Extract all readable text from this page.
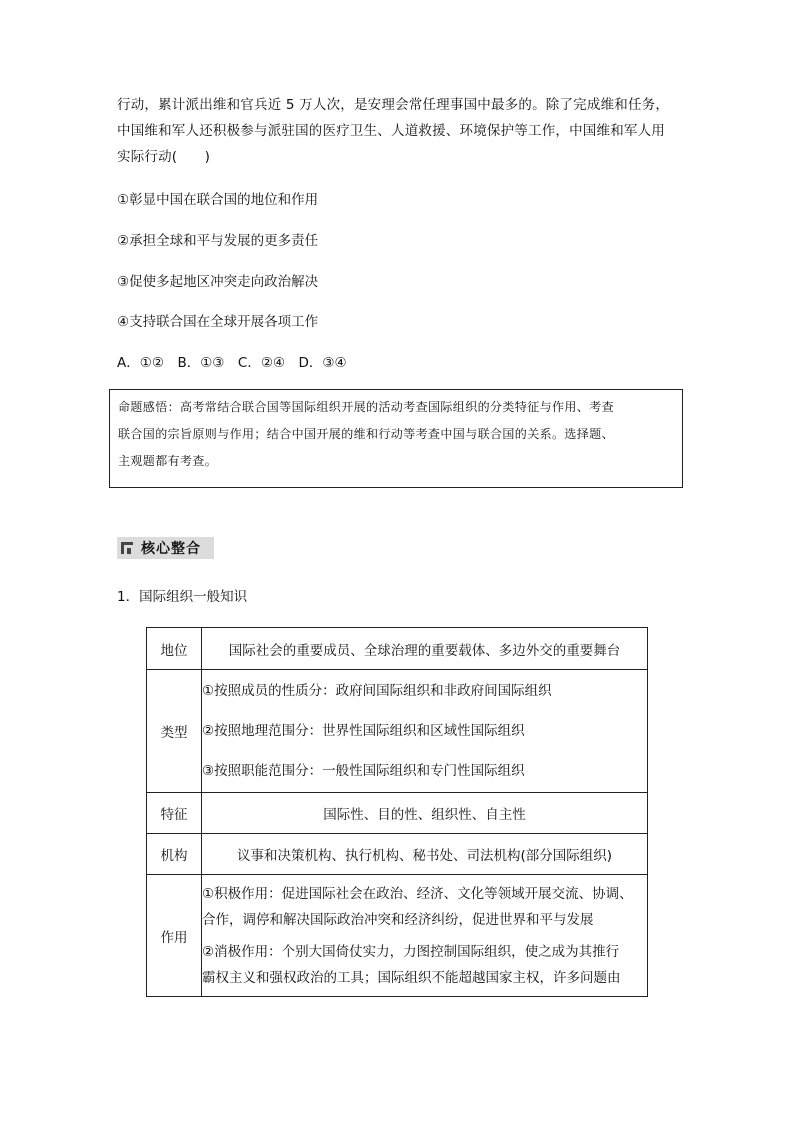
行动，累计派出维和官兵近 5 万人次，是安理会常任理事国中最多的。除了完成维和任务，
中国维和军人还积极参与派驻国的医疗卫生、人道救援、环境保护等工作，中国维和军人用
实际行动(　　)
①彰显中国在联合国的地位和作用
②承担全球和平与发展的更多责任
③促使多起地区冲突走向政治解决
④支持联合国在全球开展各项工作
A．①②　B．①③　C．②④　D．③④
命题感悟：高考常结合联合国等国际组织开展的活动考查国际组织的分类特征与作用、考查
联合国的宗旨原则与作用；结合中国开展的维和行动等考查中国与联合国的关系。选择题、
主观题都有考查。
核心整合
1．国际组织一般知识
地位	国际社会的重要成员、全球治理的重要载体、多边外交的重要舞台
类型	①按照成员的性质分：政府间国际组织和非政府间国际组织
②按照地理范围分：世界性国际组织和区域性国际组织
③按照职能范围分：一般性国际组织和专门性国际组织

特征	国际性、目的性、组织性、自主性
机构	议事和决策机构、执行机构、秘书处、司法机构(部分国际组织)
作用	①积极作用：促进国际社会在政治、经济、文化等领域开展交流、协调、
合作，调停和解决国际政治冲突和经济纠纷，促进世界和平与发展
②消极作用：个别大国倚仗实力，力图控制国际组织，使之成为其推行
霸权主义和强权政治的工具；国际组织不能超越国家主权，许多问题由
